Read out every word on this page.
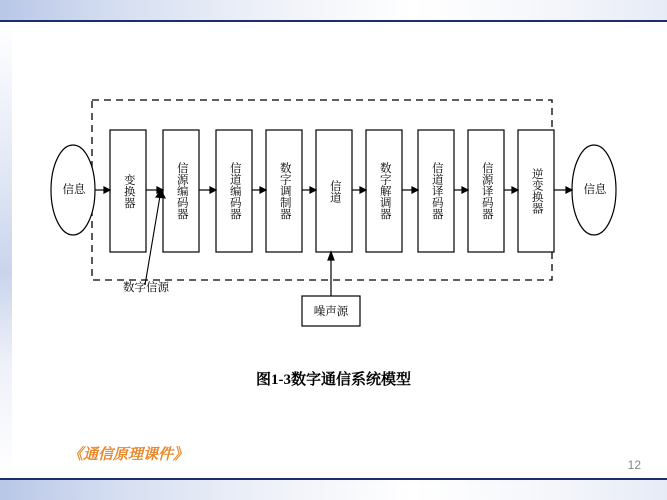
信息	信息
变换器	信源编码器	信道编码器	数字调制器	信道	数字解调器	信道译码器	信源译码器	逆变换器
数字信源
噪声源
图1-3数字通信系统模型
《通信原理课件》
12
